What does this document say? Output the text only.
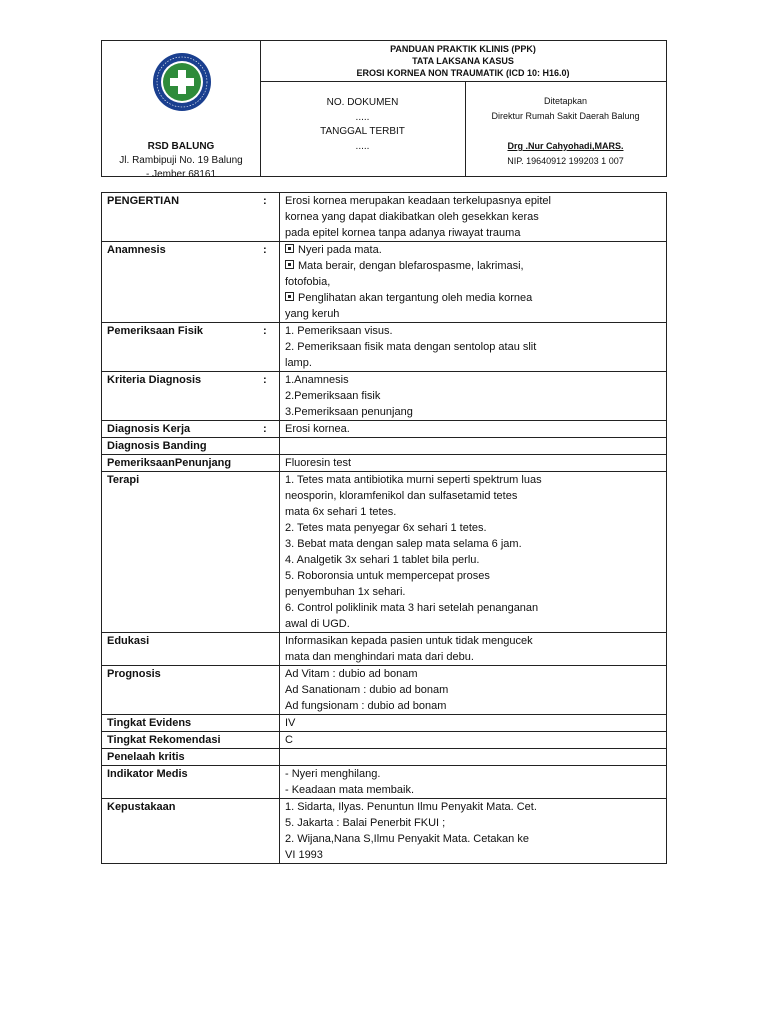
RSD BALUNG
Jl. Rambipuji No. 19 Balung
- Jember 68161
PANDUAN PRAKTIK KLINIS (PPK)
TATA LAKSANA KASUS
EROSI KORNEA NON TRAUMATIK (ICD 10: H16.0)
NO. DOKUMEN
.....
TANGGAL TERBIT
.....
Ditetapkan
Direktur Rumah Sakit Daerah Balung
Drg .Nur Cahyohadi,MARS.
NIP. 19640912 199203 1 007
PENGERTIAN	:	Erosi kornea merupakan keadaan terkelupasnya epitel
kornea yang dapat diakibatkan oleh gesekkan keras
pada epitel kornea tanpa adanya riwayat trauma
Anamnesis	:	Nyeri pada mata.
Mata berair, dengan blefarospasme, lakrimasi,
fotofobia,
Penglihatan akan tergantung oleh media kornea
yang keruh
Pemeriksaan Fisik	:	1. Pemeriksaan visus.
2. Pemeriksaan fisik mata dengan sentolop atau slit
lamp.
Kriteria Diagnosis	:	1.Anamnesis
2.Pemeriksaan fisik
3.Pemeriksaan penunjang
Diagnosis Kerja	:	Erosi kornea.
Diagnosis Banding

PemeriksaanPenunjang	Fluoresin test
Terapi	1. Tetes mata antibiotika murni seperti spektrum luas
neosporin, kloramfenikol dan sulfasetamid tetes
mata 6x sehari 1 tetes.
2. Tetes mata penyegar 6x sehari 1 tetes.
3. Bebat mata dengan salep mata selama 6 jam.
4. Analgetik 3x sehari 1 tablet bila perlu.
5. Roboronsia untuk mempercepat proses
penyembuhan 1x sehari.
6. Control poliklinik mata 3 hari setelah penanganan
awal di UGD.
Edukasi	Informasikan kepada pasien untuk tidak mengucek
mata dan menghindari mata dari debu.
Prognosis	Ad Vitam : dubio ad bonam
Ad Sanationam : dubio ad bonam
Ad fungsionam : dubio ad bonam
Tingkat Evidens	IV
Tingkat Rekomendasi	C
Penelaah kritis

Indikator Medis	- Nyeri menghilang.
- Keadaan mata membaik.
Kepustakaan	1. Sidarta, Ilyas. Penuntun Ilmu Penyakit Mata. Cet.
5. Jakarta : Balai Penerbit FKUI ;
2. Wijana,Nana S,Ilmu Penyakit Mata. Cetakan ke
VI 1993
